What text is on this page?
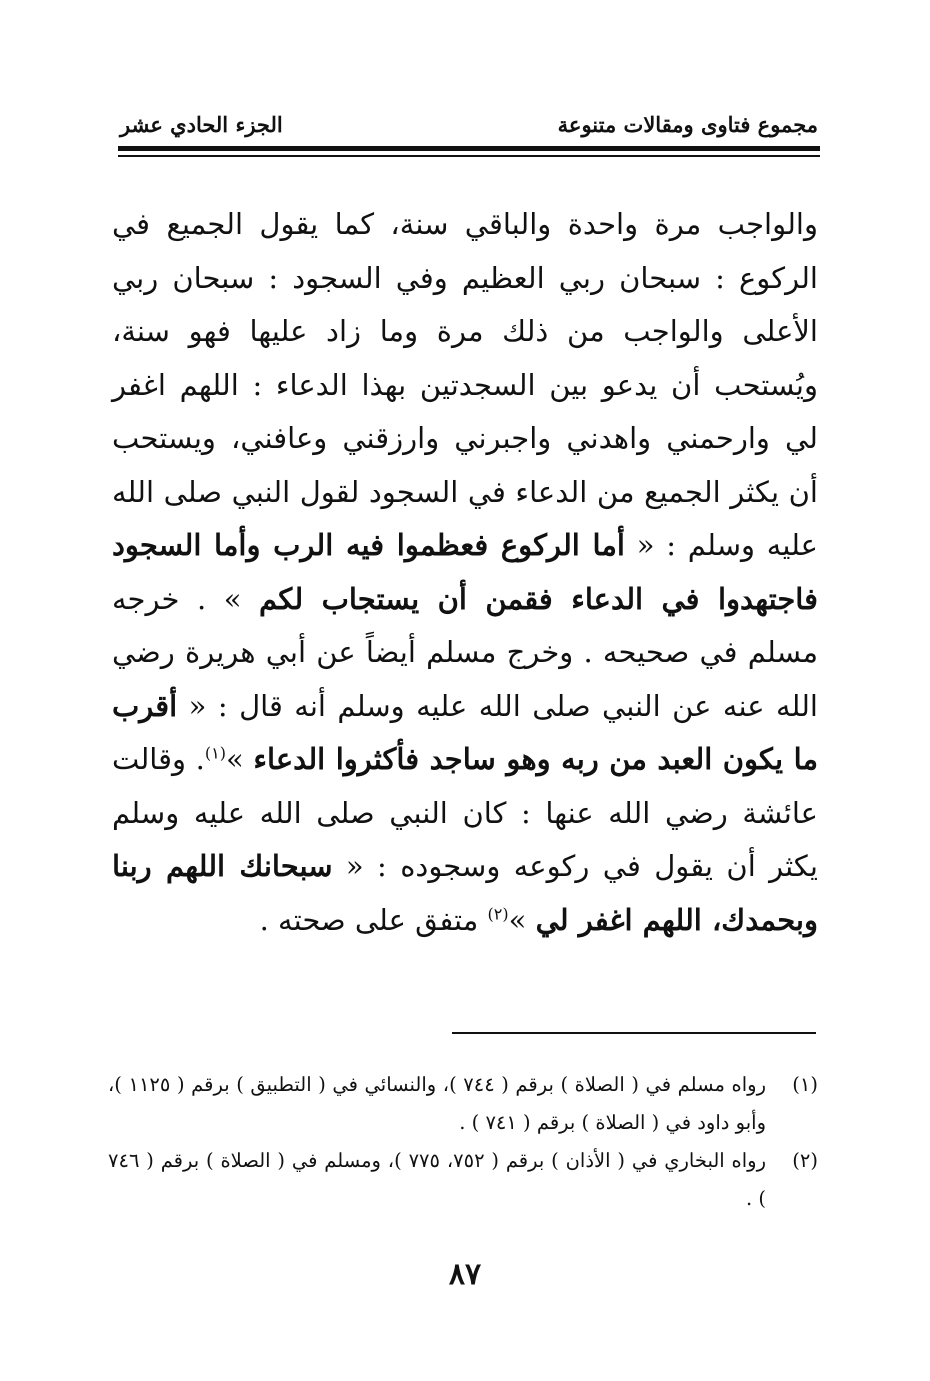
مجموع فتاوى ومقالات متنوعة
الجزء الحادي عشر
والواجب مرة واحدة والباقي سنة، كما يقول الجميع في الركوع : سبحان ربي العظيم وفي السجود : سبحان ربي الأعلى والواجب من ذلك مرة وما زاد عليها فهو سنة، ويُستحب أن يدعو بين السجدتين بهذا الدعاء : اللهم اغفر لي وارحمني واهدني واجبرني وارزقني وعافني، ويستحب أن يكثر الجميع من الدعاء في السجود لقول النبي صلى الله عليه وسلم : « أما الركوع فعظموا فيه الرب وأما السجود فاجتهدوا في الدعاء فقمن أن يستجاب لكم » . خرجه مسلم في صحيحه . وخرج مسلم أيضاً عن أبي هريرة رضي الله عنه عن النبي صلى الله عليه وسلم أنه قال : « أقرب ما يكون العبد من ربه وهو ساجد فأكثروا الدعاء »$^{(١)}$. وقالت عائشة رضي الله عنها : كان النبي صلى الله عليه وسلم يكثر أن يقول في ركوعه وسجوده : « سبحانك اللهم ربنا وبحمدك، اللهم اغفر لي »$^{(٢)}$ متفق على صحته .
(١)
رواه مسلم في ( الصلاة ) برقم ( ٧٤٤ )، والنسائي في ( التطبيق ) برقم ( ١١٢٥ )، وأبو داود في ( الصلاة ) برقم ( ٧٤١ ) .
(٢)
رواه البخاري في ( الأذان ) برقم ( ٧٥٢، ٧٧٥ )، ومسلم في ( الصلاة ) برقم ( ٧٤٦ ) .
٨٧
